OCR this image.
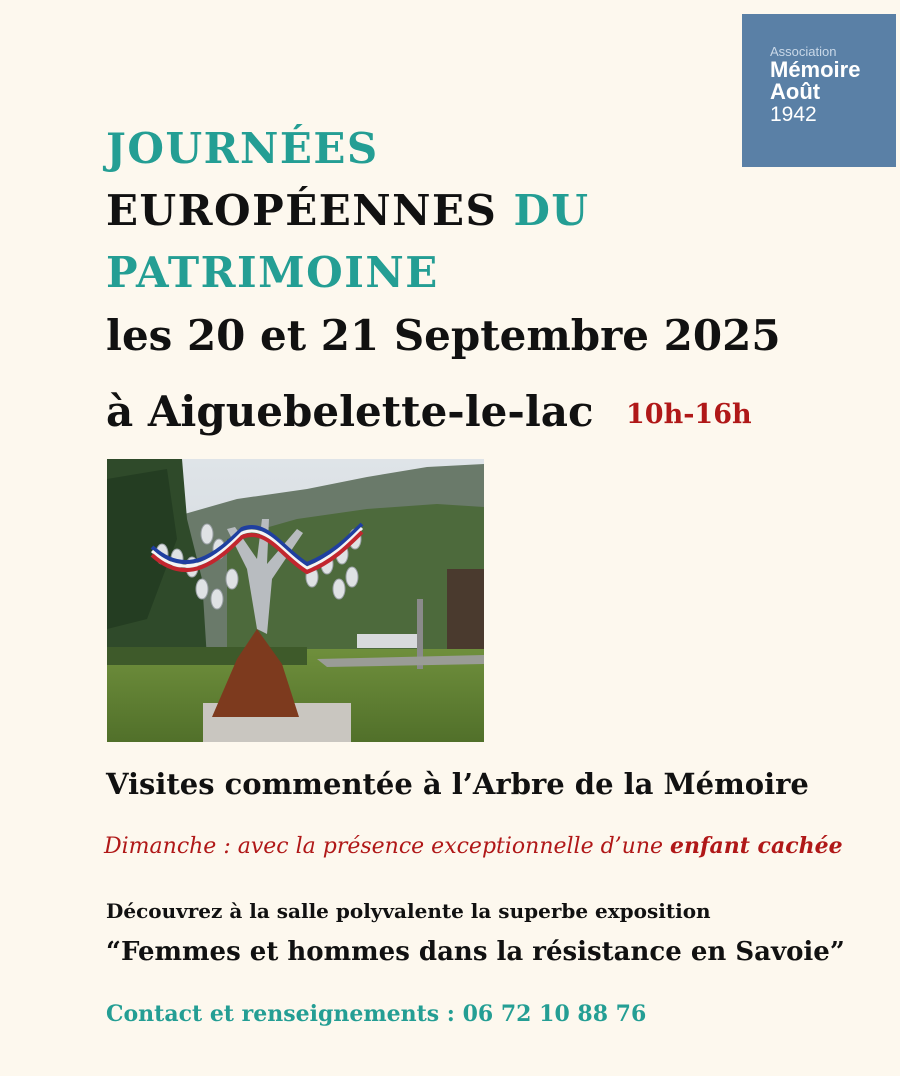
Association
Mémoire
Août
1942
JOURNÉES
EUROPÉENNES DU
PATRIMOINE

les 20 et 21 Septembre 2025

à Aiguebelette-le-lac 10h-16h

Visites commentée à l’Arbre de la Mémoire

Dimanche : avec la présence exceptionnelle d’une enfant cachée

Découvrez à la salle polyvalente la superbe exposition

“Femmes et hommes dans la résistance en Savoie”

Contact et renseignements : 06 72 10 88 76
